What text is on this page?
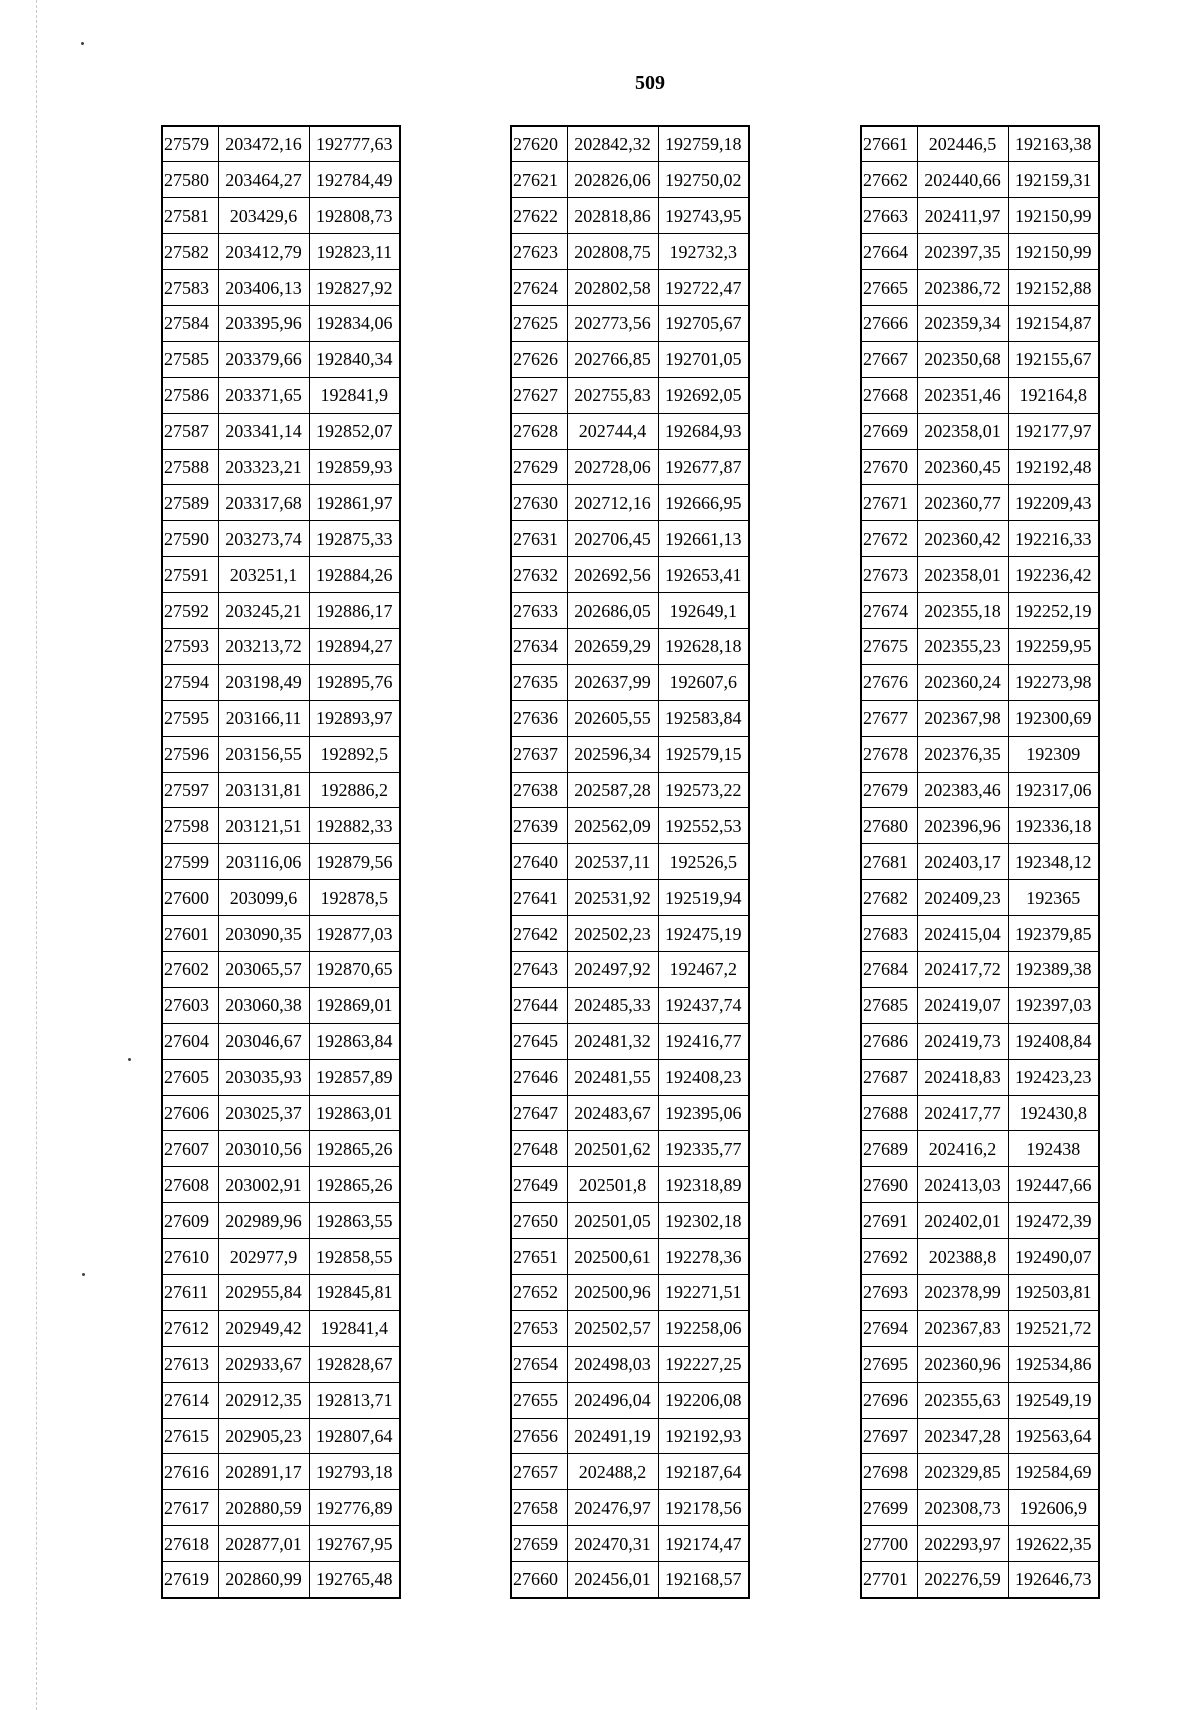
509
27579	203472,16	192777,63
27580	203464,27	192784,49
27581	203429,6	192808,73
27582	203412,79	192823,11
27583	203406,13	192827,92
27584	203395,96	192834,06
27585	203379,66	192840,34
27586	203371,65	192841,9
27587	203341,14	192852,07
27588	203323,21	192859,93
27589	203317,68	192861,97
27590	203273,74	192875,33
27591	203251,1	192884,26
27592	203245,21	192886,17
27593	203213,72	192894,27
27594	203198,49	192895,76
27595	203166,11	192893,97
27596	203156,55	192892,5
27597	203131,81	192886,2
27598	203121,51	192882,33
27599	203116,06	192879,56
27600	203099,6	192878,5
27601	203090,35	192877,03
27602	203065,57	192870,65
27603	203060,38	192869,01
27604	203046,67	192863,84
27605	203035,93	192857,89
27606	203025,37	192863,01
27607	203010,56	192865,26
27608	203002,91	192865,26
27609	202989,96	192863,55
27610	202977,9	192858,55
27611	202955,84	192845,81
27612	202949,42	192841,4
27613	202933,67	192828,67
27614	202912,35	192813,71
27615	202905,23	192807,64
27616	202891,17	192793,18
27617	202880,59	192776,89
27618	202877,01	192767,95
27619	202860,99	192765,48
27620	202842,32	192759,18
27621	202826,06	192750,02
27622	202818,86	192743,95
27623	202808,75	192732,3
27624	202802,58	192722,47
27625	202773,56	192705,67
27626	202766,85	192701,05
27627	202755,83	192692,05
27628	202744,4	192684,93
27629	202728,06	192677,87
27630	202712,16	192666,95
27631	202706,45	192661,13
27632	202692,56	192653,41
27633	202686,05	192649,1
27634	202659,29	192628,18
27635	202637,99	192607,6
27636	202605,55	192583,84
27637	202596,34	192579,15
27638	202587,28	192573,22
27639	202562,09	192552,53
27640	202537,11	192526,5
27641	202531,92	192519,94
27642	202502,23	192475,19
27643	202497,92	192467,2
27644	202485,33	192437,74
27645	202481,32	192416,77
27646	202481,55	192408,23
27647	202483,67	192395,06
27648	202501,62	192335,77
27649	202501,8	192318,89
27650	202501,05	192302,18
27651	202500,61	192278,36
27652	202500,96	192271,51
27653	202502,57	192258,06
27654	202498,03	192227,25
27655	202496,04	192206,08
27656	202491,19	192192,93
27657	202488,2	192187,64
27658	202476,97	192178,56
27659	202470,31	192174,47
27660	202456,01	192168,57
27661	202446,5	192163,38
27662	202440,66	192159,31
27663	202411,97	192150,99
27664	202397,35	192150,99
27665	202386,72	192152,88
27666	202359,34	192154,87
27667	202350,68	192155,67
27668	202351,46	192164,8
27669	202358,01	192177,97
27670	202360,45	192192,48
27671	202360,77	192209,43
27672	202360,42	192216,33
27673	202358,01	192236,42
27674	202355,18	192252,19
27675	202355,23	192259,95
27676	202360,24	192273,98
27677	202367,98	192300,69
27678	202376,35	192309
27679	202383,46	192317,06
27680	202396,96	192336,18
27681	202403,17	192348,12
27682	202409,23	192365
27683	202415,04	192379,85
27684	202417,72	192389,38
27685	202419,07	192397,03
27686	202419,73	192408,84
27687	202418,83	192423,23
27688	202417,77	192430,8
27689	202416,2	192438
27690	202413,03	192447,66
27691	202402,01	192472,39
27692	202388,8	192490,07
27693	202378,99	192503,81
27694	202367,83	192521,72
27695	202360,96	192534,86
27696	202355,63	192549,19
27697	202347,28	192563,64
27698	202329,85	192584,69
27699	202308,73	192606,9
27700	202293,97	192622,35
27701	202276,59	192646,73
